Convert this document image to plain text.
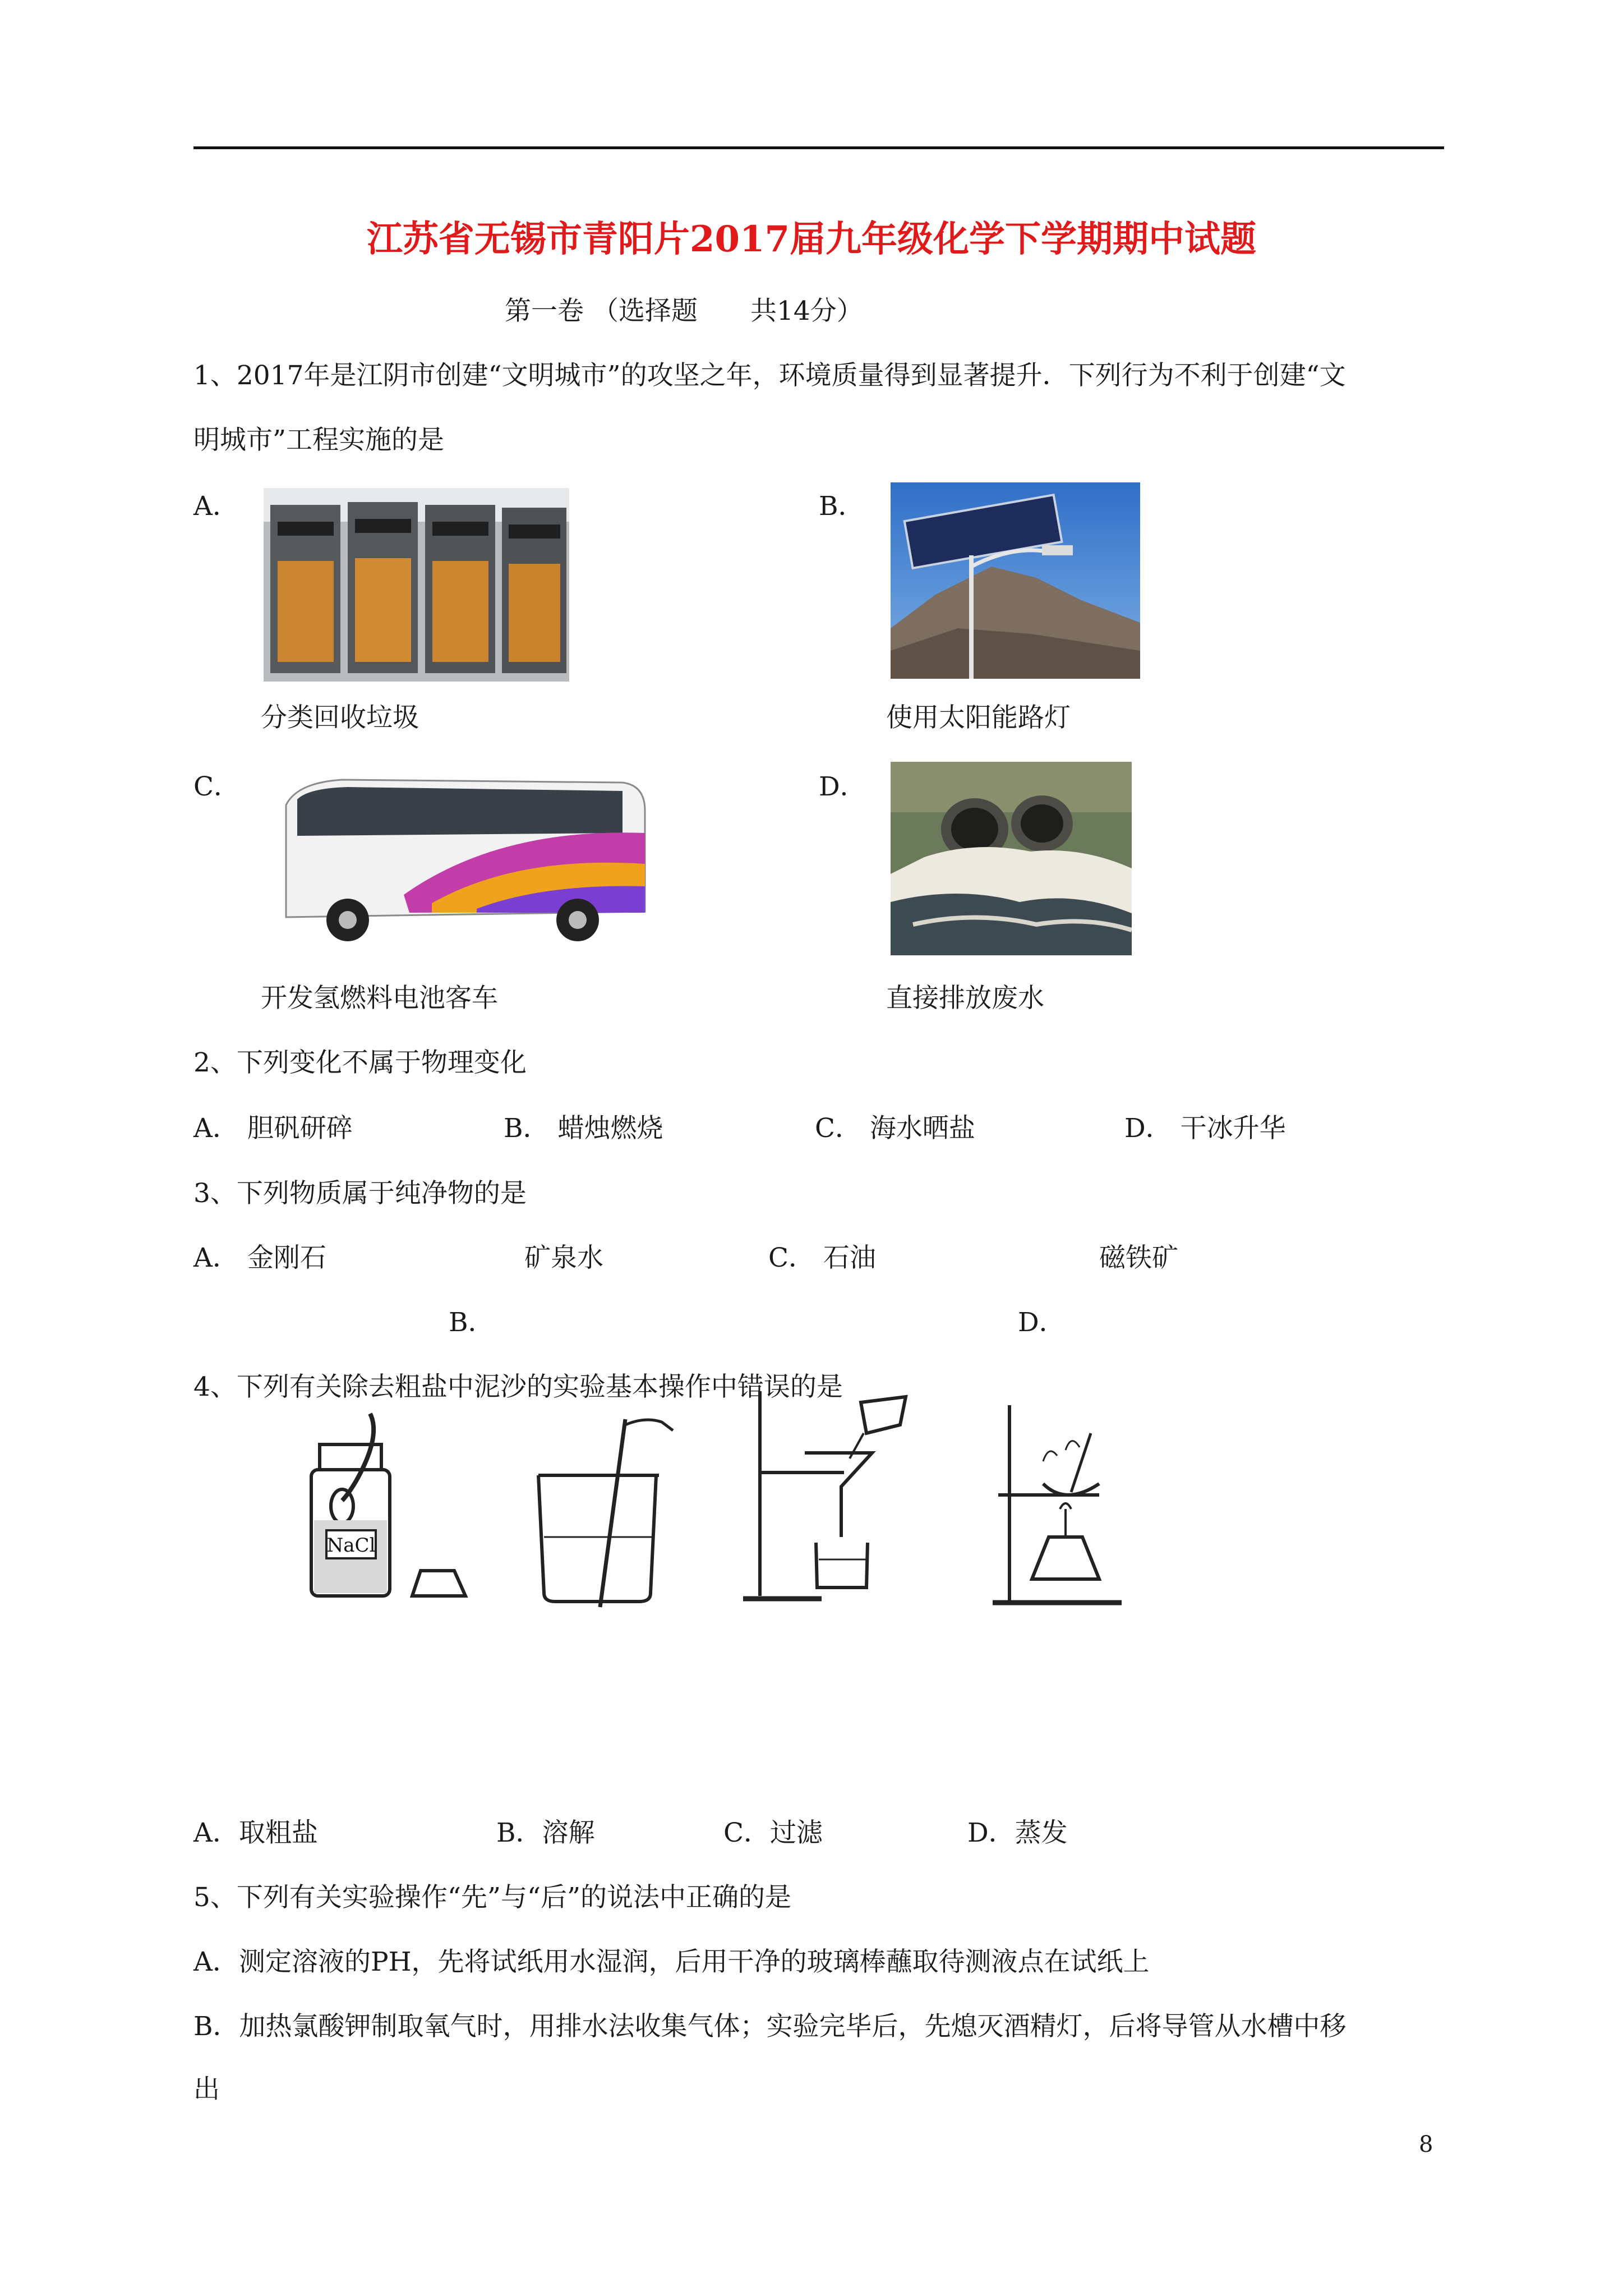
江苏省无锡市青阳片2017届九年级化学下学期期中试题
第一卷 （选择题　　共14分）
1、2017年是江阴市创建“文明城市”的攻坚之年，环境质量得到显著提升．下列行为不利于创建“文
明城市”工程实施的是
A．
分类回收垃圾
B．
使用太阳能路灯
C．
开发氢燃料电池客车
D．
直接排放废水
2、下列变化不属于物理变化
A． 胆矾研碎	B． 蜡烛燃烧	C． 海水晒盐	D． 干冰升华
3、下列物质属于纯净物的是
A． 金刚石	矿泉水	C． 石油	磁铁矿
B．	D．
4、下列有关除去粗盐中泥沙的实验基本操作中错误的是
NaCl
A．取粗盐	B．溶解	C．过滤	D．蒸发
5、下列有关实验操作“先”与“后”的说法中正确的是
A．测定溶液的PH，先将试纸用水湿润，后用干净的玻璃棒蘸取待测液点在试纸上
B．加热氯酸钾制取氧气时，用排水法收集气体；实验完毕后，先熄灭酒精灯，后将导管从水槽中移
出
8
